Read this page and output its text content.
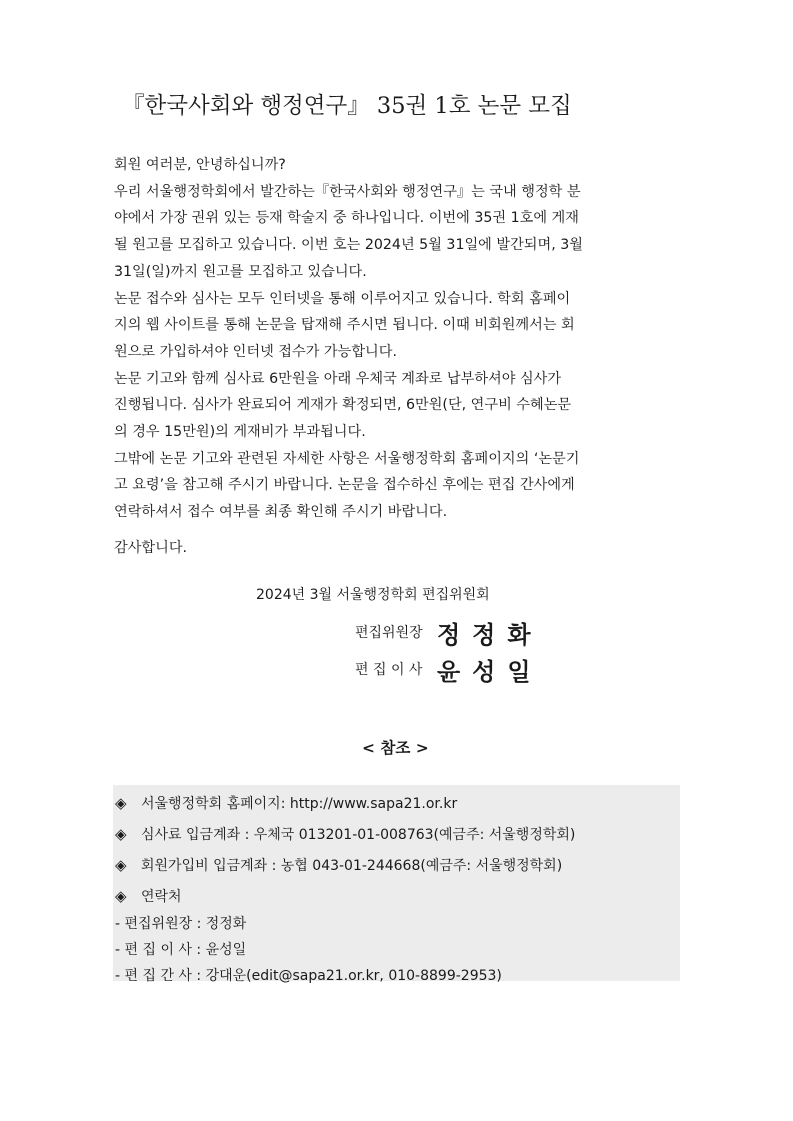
『한국사회와 행정연구』 35권 1호 논문 모집

회원 여러분, 안녕하십니까?

우리 서울행정학회에서 발간하는『한국사회와 행정연구』는 국내 행정학 분
야에서 가장 권위 있는 등재 학술지 중 하나입니다. 이번에 35권 1호에 게재
될 원고를 모집하고 있습니다. 이번 호는 2024년 5월 31일에 발간되며, 3월
31일(일)까지 원고를 모집하고 있습니다.

논문 접수와 심사는 모두 인터넷을 통해 이루어지고 있습니다. 학회 홈페이
지의 웹 사이트를 통해 논문을 탑재해 주시면 됩니다. 이때 비회원께서는 회
원으로 가입하셔야 인터넷 접수가 가능합니다.

논문 기고와 함께 심사료 6만원을 아래 우체국 계좌로 납부하셔야 심사가
진행됩니다. 심사가 완료되어 게재가 확정되면, 6만원(단, 연구비 수혜논문
의 경우 15만원)의 게재비가 부과됩니다.

그밖에 논문 기고와 관련된 자세한 사항은 서울행정학회 홈페이지의 ‘논문기
고 요령’을 참고해 주시기 바랍니다. 논문을 접수하신 후에는 편집 간사에게
연락하셔서 접수 여부를 최종 확인해 주시기 바랍니다.

감사합니다.
2024년 3월 서울행정학회 편집위원회
편집위원장 정정화
편 집 이 사 윤성일
< 참조 >
◈	서울행정학회 홈페이지: http://www.sapa21.or.kr
◈	심사료 입금계좌 : 우체국 013201-01-008763(예금주: 서울행정학회)
◈	회원가입비 입금계좌 : 농협 043-01-244668(예금주: 서울행정학회)
◈	연락처
- 편집위원장 : 정정화
- 편 집 이 사 : 윤성일
- 편 집 간 사 : 강대운(edit@sapa21.or.kr, 010-8899-2953)
